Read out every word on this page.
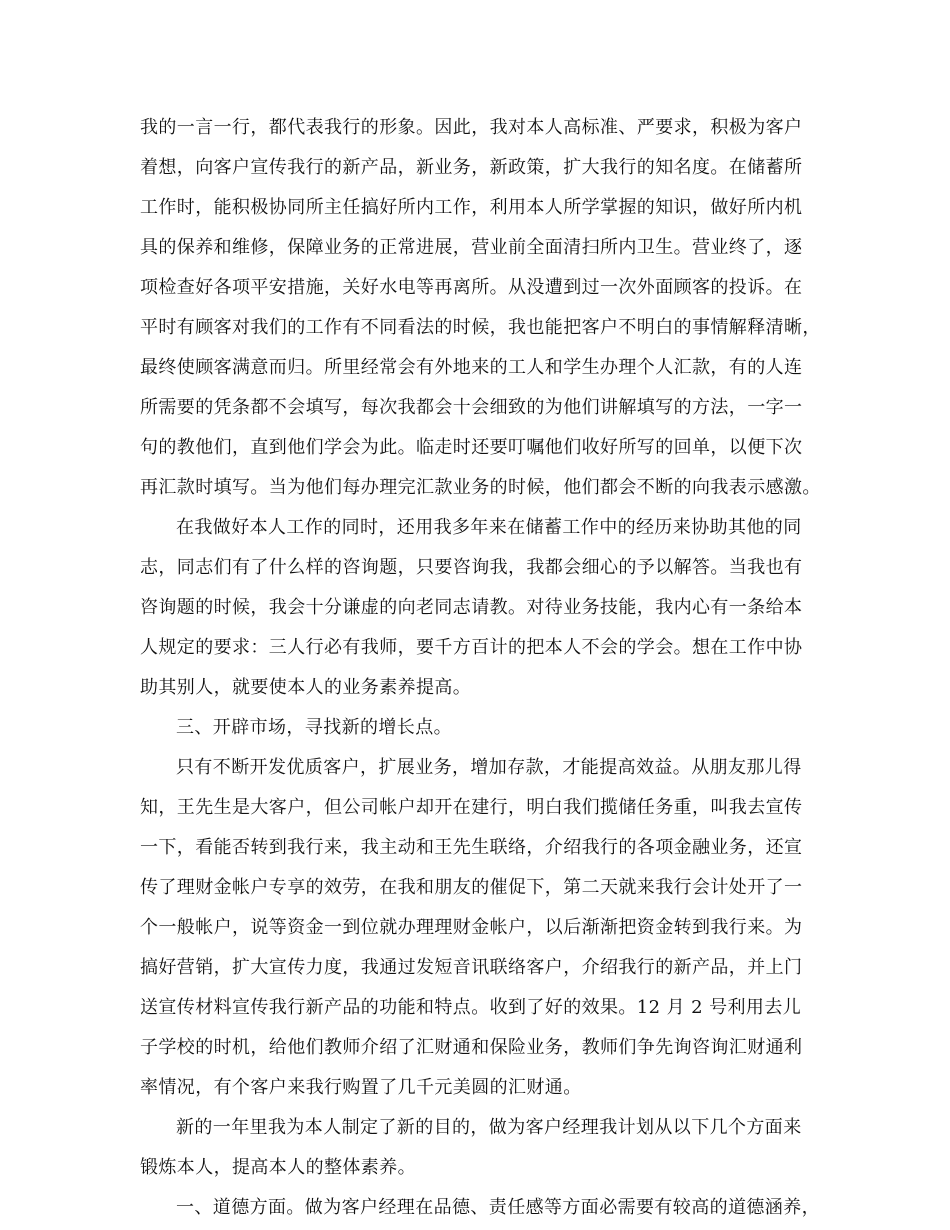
我的一言一行，都代表我行的形象。因此，我对本人高标准、严要求，积极为客户
着想，向客户宣传我行的新产品，新业务，新政策，扩大我行的知名度。在储蓄所
工作时，能积极协同所主任搞好所内工作，利用本人所学掌握的知识，做好所内机
具的保养和维修，保障业务的正常进展，营业前全面清扫所内卫生。营业终了，逐
项检查好各项平安措施，关好水电等再离所。从没遭到过一次外面顾客的投诉。在
平时有顾客对我们的工作有不同看法的时候，我也能把客户不明白的事情解释清晰，
最终使顾客满意而归。所里经常会有外地来的工人和学生办理个人汇款，有的人连
所需要的凭条都不会填写，每次我都会十会细致的为他们讲解填写的方法，一字一
句的教他们，直到他们学会为此。临走时还要叮嘱他们收好所写的回单，以便下次
再汇款时填写。当为他们每办理完汇款业务的时候，他们都会不断的向我表示感激。
在我做好本人工作的同时，还用我多年来在储蓄工作中的经历来协助其他的同
志，同志们有了什么样的咨询题，只要咨询我，我都会细心的予以解答。当我也有
咨询题的时候，我会十分谦虚的向老同志请教。对待业务技能，我内心有一条给本
人规定的要求：三人行必有我师，要千方百计的把本人不会的学会。想在工作中协
助其别人，就要使本人的业务素养提高。
三、开辟市场，寻找新的增长点。
只有不断开发优质客户，扩展业务，增加存款，才能提高效益。从朋友那儿得
知，王先生是大客户，但公司帐户却开在建行，明白我们揽储任务重，叫我去宣传
一下，看能否转到我行来，我主动和王先生联络，介绍我行的各项金融业务，还宣
传了理财金帐户专享的效劳，在我和朋友的催促下，第二天就来我行会计处开了一
个一般帐户，说等资金一到位就办理理财金帐户，以后渐渐把资金转到我行来。为
搞好营销，扩大宣传力度，我通过发短音讯联络客户，介绍我行的新产品，并上门
送宣传材料宣传我行新产品的功能和特点。收到了好的效果。12 月 2 号利用去儿
子学校的时机，给他们教师介绍了汇财通和保险业务，教师们争先询咨询汇财通利
率情况，有个客户来我行购置了几千元美圆的汇财通。
新的一年里我为本人制定了新的目的，做为客户经理我计划从以下几个方面来
锻炼本人，提高本人的整体素养。
一、道德方面。做为客户经理在品德、责任感等方面必需要有较高的道德涵养，
